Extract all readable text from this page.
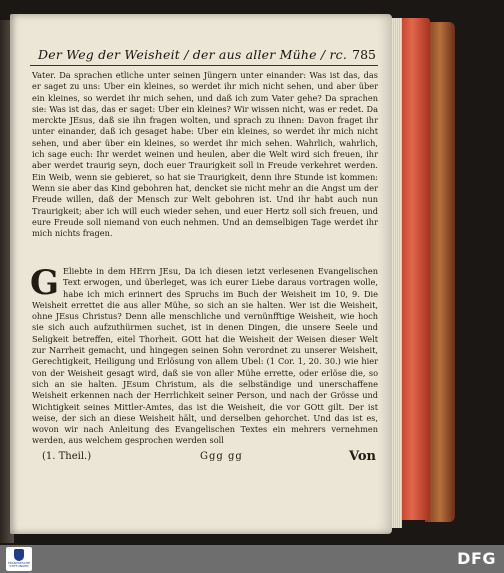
Der Weg der Weisheit / der aus aller Mühe / rc. 785
Vater. Da sprachen etliche unter seinen Jüngern unter einander: Was ist das, das er saget zu uns: Uber ein kleines, so werdet ihr mich nicht sehen, und aber über ein kleines, so werdet ihr mich sehen, und daß ich zum Vater gehe? Da sprachen sie: Was ist das, das er saget: Uber ein kleines? Wir wissen nicht, was er redet. Da merckte JEsus, daß sie ihn fragen wolten, und sprach zu ihnen: Davon fraget ihr unter einander, daß ich gesaget habe: Uber ein kleines, so werdet ihr mich nicht sehen, und aber über ein kleines, so werdet ihr mich sehen. Wahrlich, wahrlich, ich sage euch: Ihr werdet weinen und heulen, aber die Welt wird sich freuen, ihr aber werdet traurig seyn, doch euer Traurigkeit soll in Freude verkehret werden. Ein Weib, wenn sie gebieret, so hat sie Traurigkeit, denn ihre Stunde ist kommen: Wenn sie aber das Kind gebohren hat, dencket sie nicht mehr an die Angst um der Freude willen, daß der Mensch zur Welt gebohren ist. Und ihr habt auch nun Traurigkeit; aber ich will euch wieder sehen, und euer Hertz soll sich freuen, und eure Freude soll niemand von euch nehmen. Und an demselbigen Tage werdet ihr mich nichts fragen.
G Eliebte in dem HErrn JEsu, Da ich diesen ietzt verlesenen Evangelischen Text erwogen, und überleget, was ich eurer Liebe daraus vortragen wolle, habe ich mich erinnert des Spruchs im Buch der Weisheit im 10, 9. Die Weisheit errettet die aus aller Mühe, so sich an sie halten. Wer ist die Weisheit, ohne JEsus Christus? Denn alle menschliche und vernünfftige Weisheit, wie hoch sie sich auch aufzuthürmen suchet, ist in denen Dingen, die unsere Seele und Seligkeit betreffen, eitel Thorheit. GOtt hat die Weisheit der Weisen dieser Welt zur Narrheit gemacht, und hingegen seinen Sohn verordnet zu unserer Weisheit, Gerechtigkeit, Heiligung und Erlösung von allem Ubel: (1 Cor. 1, 20. 30.) wie hier von der Weisheit gesagt wird, daß sie von aller Mühe errette, oder erlöse die, so sich an sie halten. JEsum Christum, als die selbständige und unerschaffene Weisheit erkennen nach der Herrlichkeit seiner Person, und nach der Grösse und Wichtigkeit seines Mittler-Amtes, das ist die Weisheit, die vor GOtt gilt. Der ist weise, der sich an diese Weisheit hält, und derselben gehorchet. Und das ist es, wovon wir nach Anleitung des Evangelischen Textes ein mehrers vernehmen werden, aus welchem gesprochen werden soll
(1. Theil.)	Ggg gg	Von
FRANCKESCHE STIFTUNGEN	DFG
